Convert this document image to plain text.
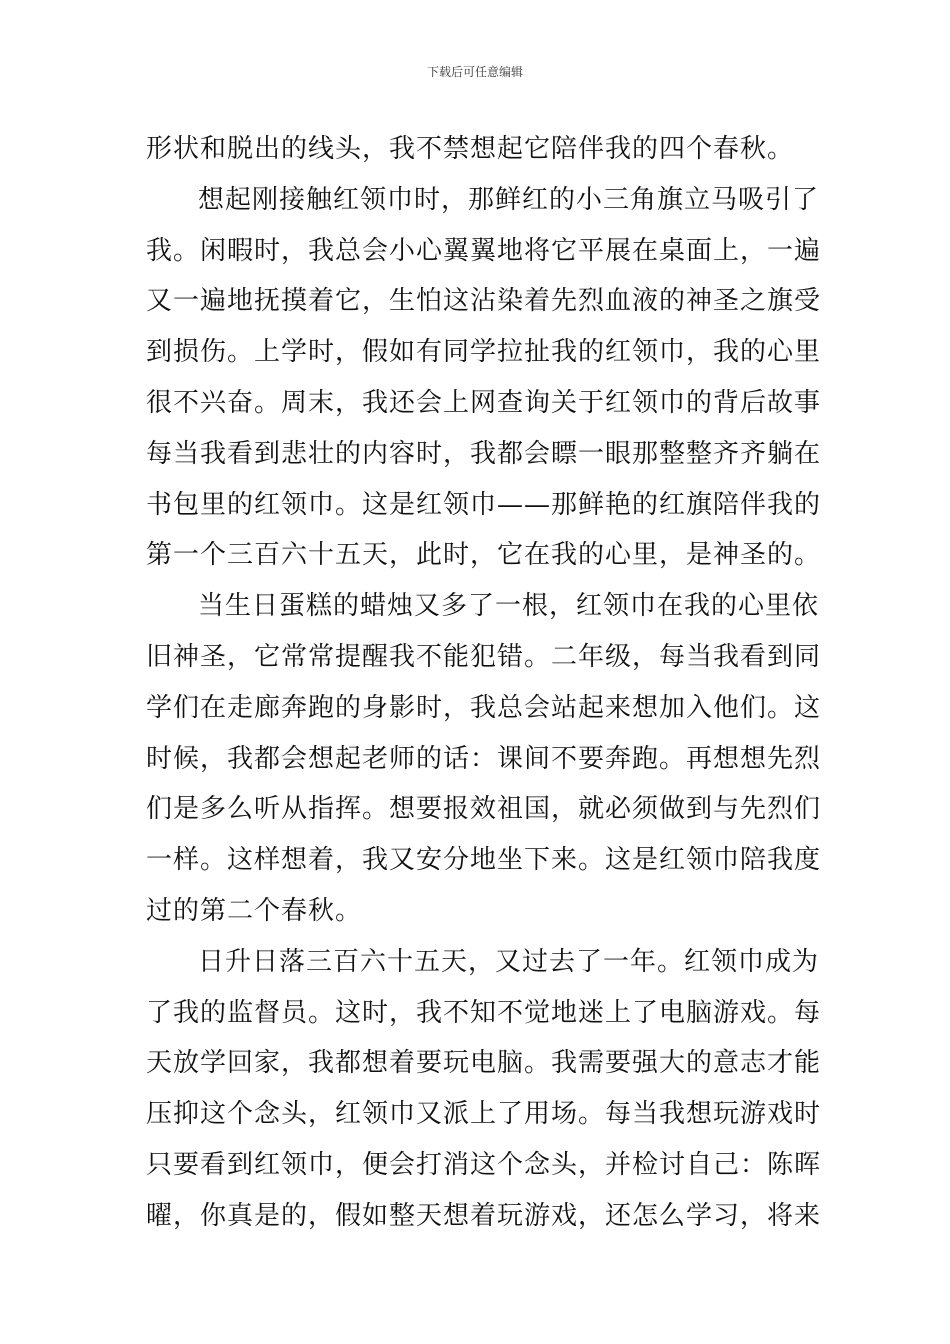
下载后可任意编辑
形状和脱出的线头，我不禁想起它陪伴我的四个春秋。
想起刚接触红领巾时，那鲜红的小三角旗立马吸引了
我。闲暇时，我总会小心翼翼地将它平展在桌面上，一遍
又一遍地抚摸着它，生怕这沾染着先烈血液的神圣之旗受
到损伤。上学时，假如有同学拉扯我的红领巾，我的心里
很不兴奋。周末，我还会上网查询关于红领巾的背后故事
每当我看到悲壮的内容时，我都会瞟一眼那整整齐齐躺在
书包里的红领巾。这是红领巾——那鲜艳的红旗陪伴我的
第一个三百六十五天，此时，它在我的心里，是神圣的。
当生日蛋糕的蜡烛又多了一根，红领巾在我的心里依
旧神圣，它常常提醒我不能犯错。二年级，每当我看到同
学们在走廊奔跑的身影时，我总会站起来想加入他们。这
时候，我都会想起老师的话：课间不要奔跑。再想想先烈
们是多么听从指挥。想要报效祖国，就必须做到与先烈们
一样。这样想着，我又安分地坐下来。这是红领巾陪我度
过的第二个春秋。
日升日落三百六十五天，又过去了一年。红领巾成为
了我的监督员。这时，我不知不觉地迷上了电脑游戏。每
天放学回家，我都想着要玩电脑。我需要强大的意志才能
压抑这个念头，红领巾又派上了用场。每当我想玩游戏时
只要看到红领巾，便会打消这个念头，并检讨自己：陈晖
曜，你真是的，假如整天想着玩游戏，还怎么学习，将来
